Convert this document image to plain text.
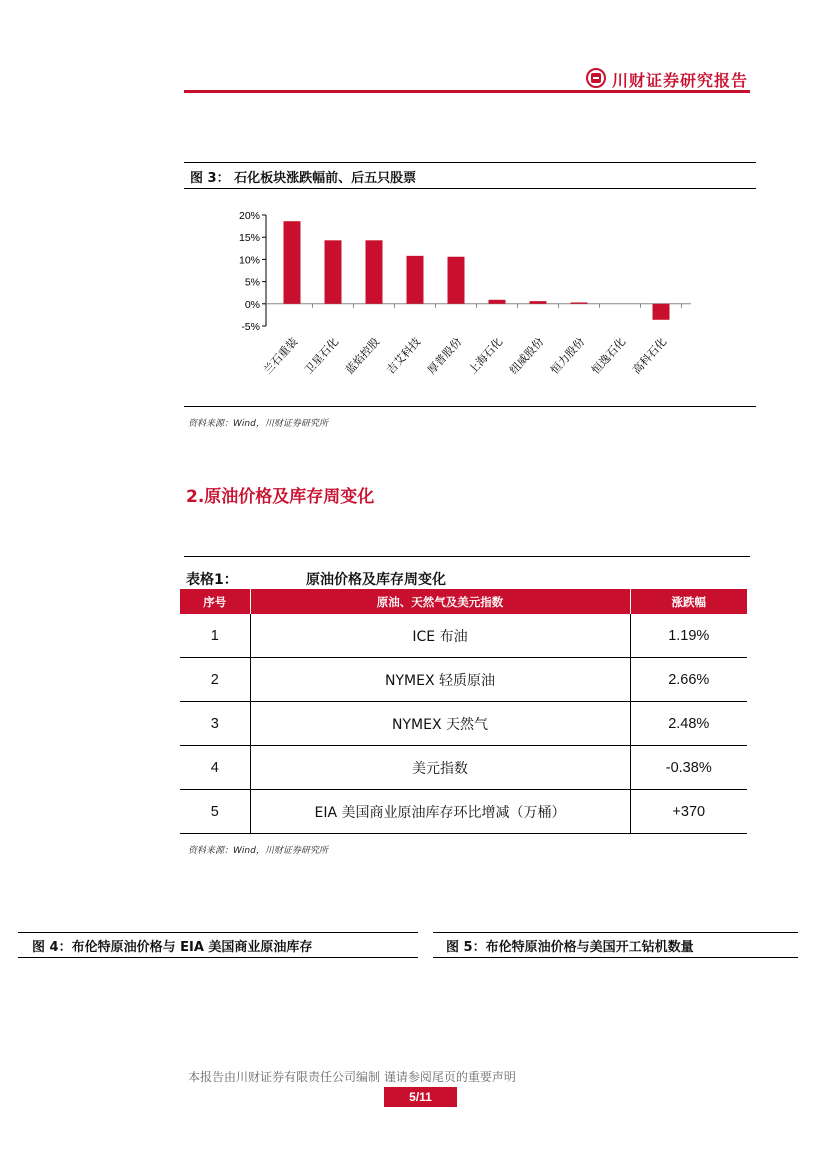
川财证券研究报告
图 3： 石化板块涨跌幅前、后五只股票
20%
15%
10%
5%
0%
-5%
兰石重装 卫星石化 蓝焰控股 吉艾科技 厚普股份 上海石化 纽威股份 恒力股份 恒逸石化 高科石化
资料来源：Wind，川财证券研究所
2.原油价格及库存周变化
表格1：	原油价格及库存周变化
序号	原油、天然气及美元指数	涨跌幅
1	ICE 布油	1.19%
2	NYMEX 轻质原油	2.66%
3	NYMEX 天然气	2.48%
4	美元指数	-0.38%
5	EIA 美国商业原油库存环比增减（万桶）	+370
资料来源：Wind，川财证券研究所
图 4：布伦特原油价格与 EIA 美国商业原油库存	图 5：布伦特原油价格与美国开工钻机数量
本报告由川财证券有限责任公司编制 谨请参阅尾页的重要声明
5/11
